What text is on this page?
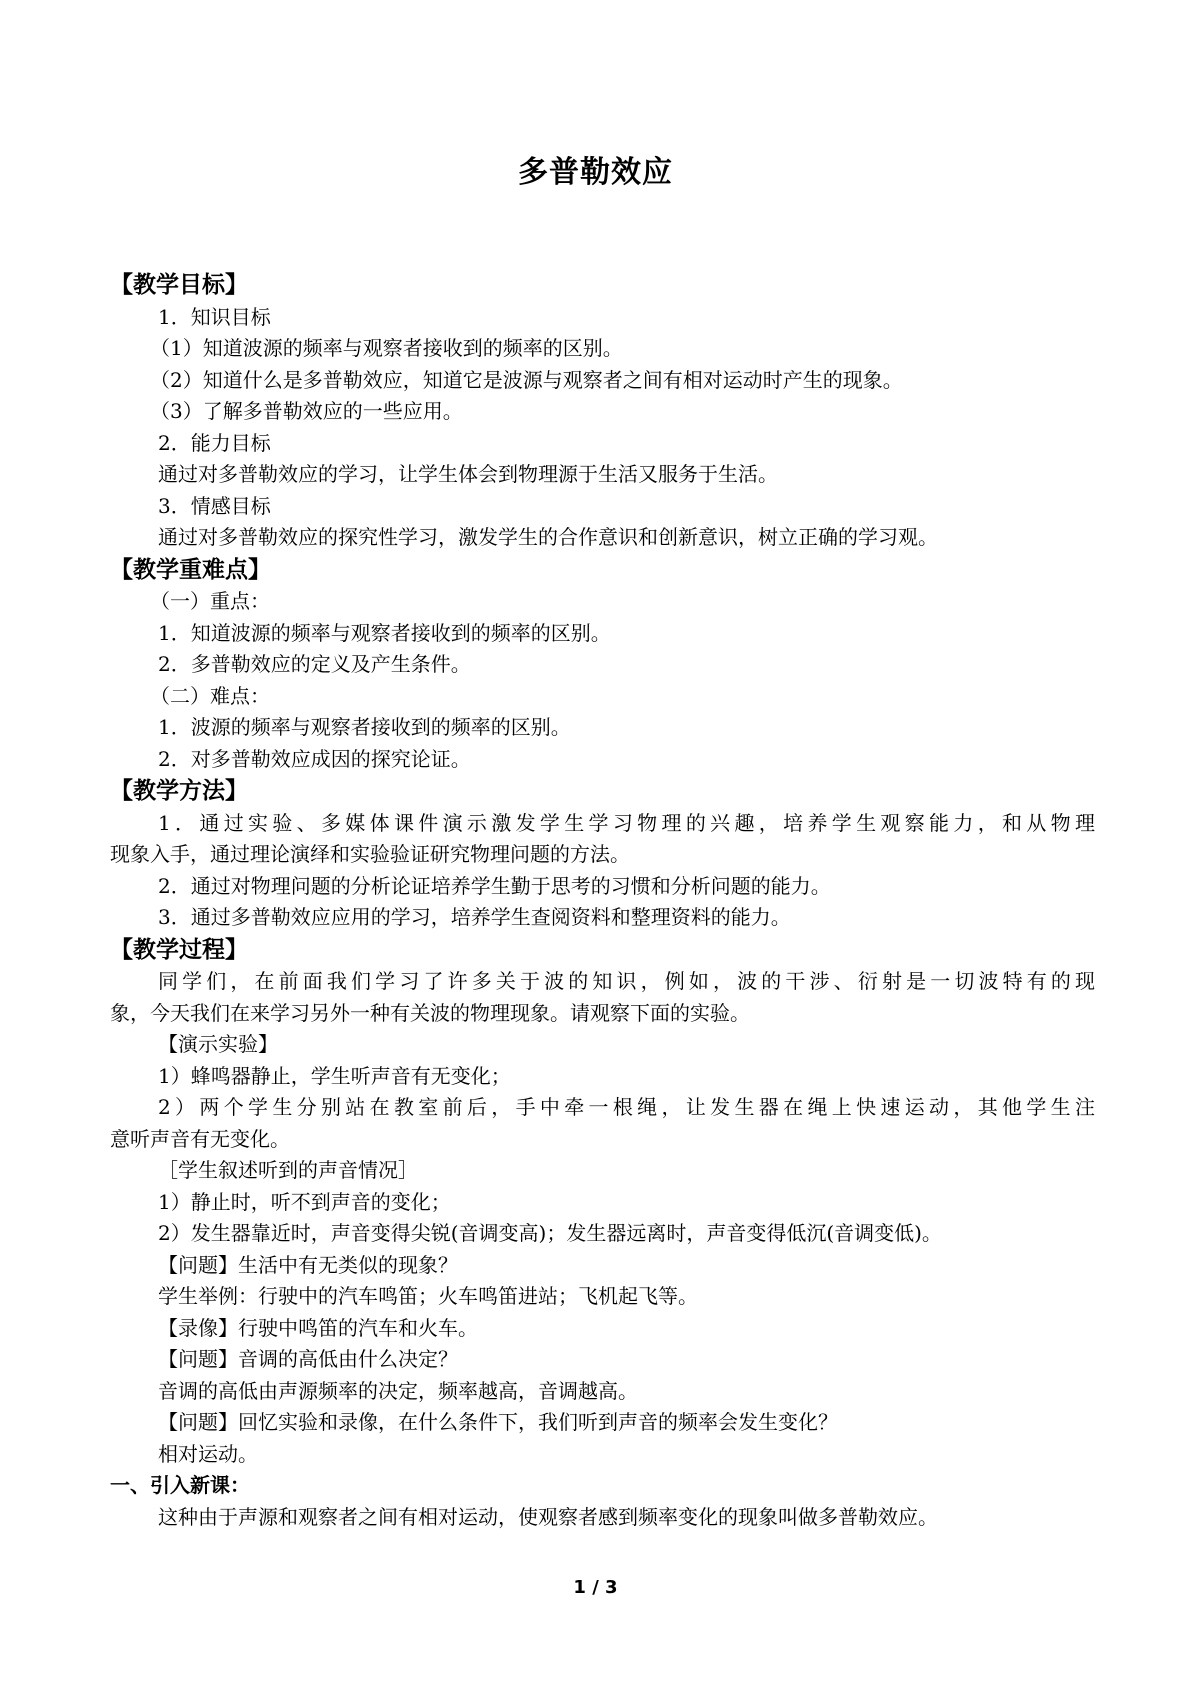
多普勒效应
【教学目标】
1．知识目标
（1）知道波源的频率与观察者接收到的频率的区别。
（2）知道什么是多普勒效应，知道它是波源与观察者之间有相对运动时产生的现象。
（3）了解多普勒效应的一些应用。
2．能力目标
通过对多普勒效应的学习，让学生体会到物理源于生活又服务于生活。
3．情感目标
通过对多普勒效应的探究性学习，激发学生的合作意识和创新意识，树立正确的学习观。
【教学重难点】
（一）重点：
1．知道波源的频率与观察者接收到的频率的区别。
2．多普勒效应的定义及产生条件。
（二）难点：
1．波源的频率与观察者接收到的频率的区别。
2．对多普勒效应成因的探究论证。
【教学方法】
1．通过实验、多媒体课件演示激发学生学习物理的兴趣，培养学生观察能力，和从物理
现象入手，通过理论演绎和实验验证研究物理问题的方法。
2．通过对物理问题的分析论证培养学生勤于思考的习惯和分析问题的能力。
3．通过多普勒效应应用的学习，培养学生查阅资料和整理资料的能力。
【教学过程】
同学们，在前面我们学习了许多关于波的知识，例如，波的干涉、衍射是一切波特有的现
象，今天我们在来学习另外一种有关波的物理现象。请观察下面的实验。
【演示实验】
1）蜂鸣器静止，学生听声音有无变化；
2）两个学生分别站在教室前后，手中牵一根绳，让发生器在绳上快速运动，其他学生注
意听声音有无变化。
［学生叙述听到的声音情况］
1）静止时，听不到声音的变化；
2）发生器靠近时，声音变得尖锐(音调变高)；发生器远离时，声音变得低沉(音调变低)。
【问题】生活中有无类似的现象？
学生举例：行驶中的汽车鸣笛；火车鸣笛进站；飞机起飞等。
【录像】行驶中鸣笛的汽车和火车。
【问题】音调的高低由什么决定？
音调的高低由声源频率的决定，频率越高，音调越高。
【问题】回忆实验和录像，在什么条件下，我们听到声音的频率会发生变化？
相对运动。
一、引入新课：
这种由于声源和观察者之间有相对运动，使观察者感到频率变化的现象叫做多普勒效应。
1 / 3
